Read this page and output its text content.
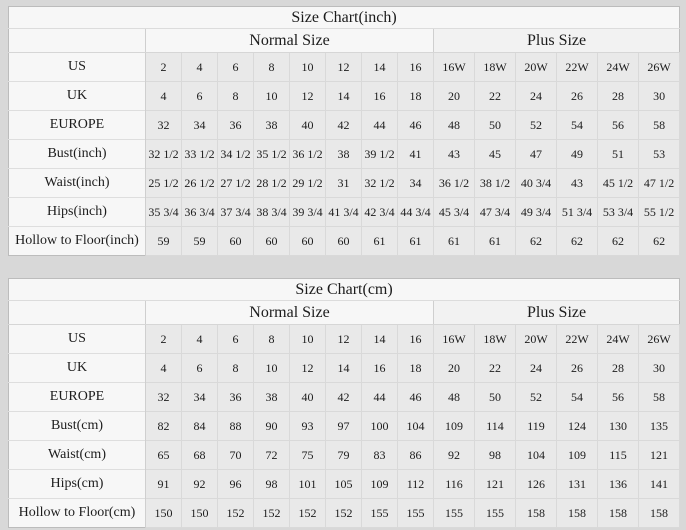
Size Chart(inch)														
	Normal Size								Plus Size					
US	2	4	6	8	10	12	14	16	16W	18W	20W	22W	24W	26W
UK	4	6	8	10	12	14	16	18	20	22	24	26	28	30
EUROPE	32	34	36	38	40	42	44	46	48	50	52	54	56	58
Bust(inch)	32 1/2	33 1/2	34 1/2	35 1/2	36 1/2	38	39 1/2	41	43	45	47	49	51	53
Waist(inch)	25 1/2	26 1/2	27 1/2	28 1/2	29 1/2	31	32 1/2	34	36 1/2	38 1/2	40 3/4	43	45 1/2	47 1/2
Hips(inch)	35 3/4	36 3/4	37 3/4	38 3/4	39 3/4	41 3/4	42 3/4	44 3/4	45 3/4	47 3/4	49 3/4	51 3/4	53 3/4	55 1/2
Hollow to Floor(inch)	59	59	60	60	60	60	61	61	61	61	62	62	62	62
Size Chart(cm)														
	Normal Size								Plus Size					
US	2	4	6	8	10	12	14	16	16W	18W	20W	22W	24W	26W
UK	4	6	8	10	12	14	16	18	20	22	24	26	28	30
EUROPE	32	34	36	38	40	42	44	46	48	50	52	54	56	58
Bust(cm)	82	84	88	90	93	97	100	104	109	114	119	124	130	135
Waist(cm)	65	68	70	72	75	79	83	86	92	98	104	109	115	121
Hips(cm)	91	92	96	98	101	105	109	112	116	121	126	131	136	141
Hollow to Floor(cm)	150	150	152	152	152	152	155	155	155	155	158	158	158	158
